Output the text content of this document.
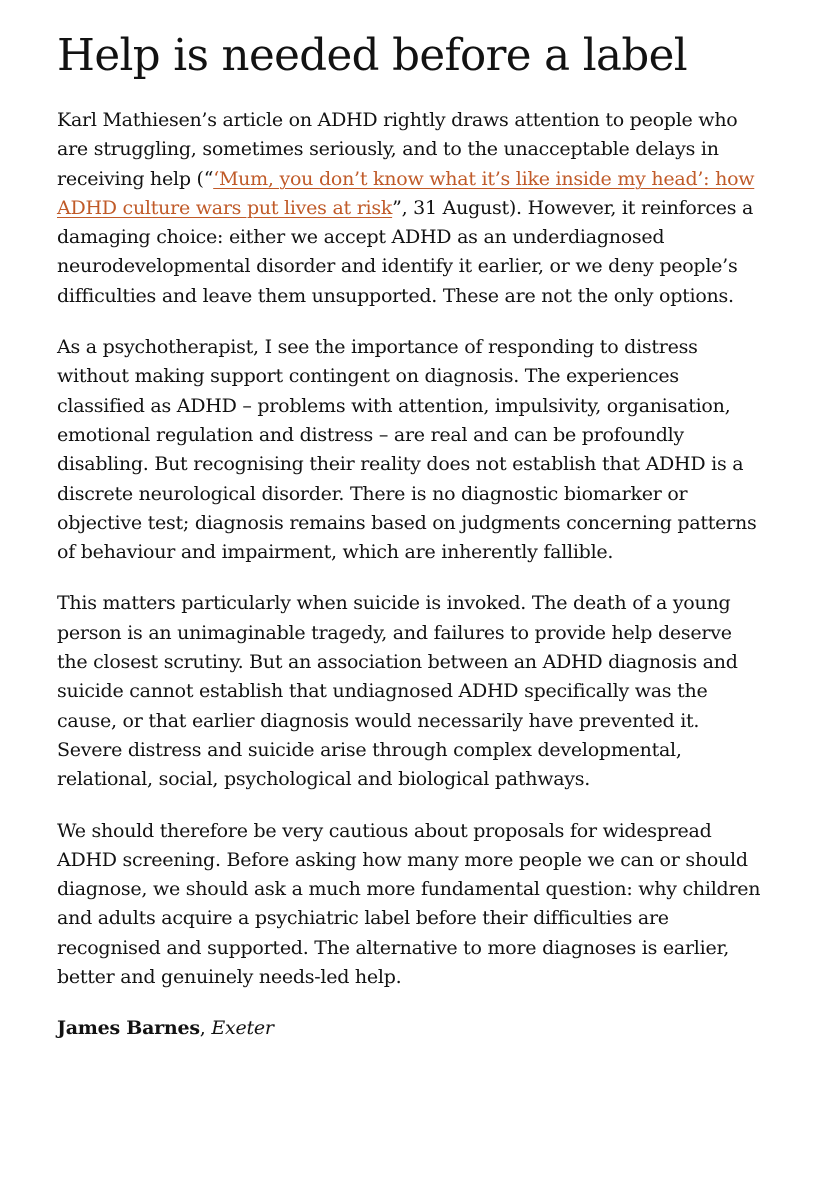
Help is needed before a label

Karl Mathiesen’s article on ADHD rightly draws attention to people who are struggling, sometimes seriously, and to the unacceptable delays in receiving help (“‘Mum, you don’t know what it’s like inside my head’: how ADHD culture wars put lives at risk”, 31 August). However, it reinforces a damaging choice: either we accept ADHD as an underdiagnosed neurodevelopmental disorder and identify it earlier, or we deny people’s difficulties and leave them unsupported. These are not the only options.

As a psychotherapist, I see the importance of responding to distress without making support contingent on diagnosis. The experiences classified as ADHD – problems with attention, impulsivity, organisation, emotional regulation and distress – are real and can be profoundly disabling. But recognising their reality does not establish that ADHD is a discrete neurological disorder. There is no diagnostic biomarker or objective test; diagnosis remains based on judgments concerning patterns of behaviour and impairment, which are inherently fallible.

This matters particularly when suicide is invoked. The death of a young person is an unimaginable tragedy, and failures to provide help deserve the closest scrutiny. But an association between an ADHD diagnosis and suicide cannot establish that undiagnosed ADHD specifically was the cause, or that earlier diagnosis would necessarily have prevented it. Severe distress and suicide arise through complex developmental, relational, social, psychological and biological pathways.

We should therefore be very cautious about proposals for widespread ADHD screening. Before asking how many more people we can or should diagnose, we should ask a much more fundamental question: why children and adults acquire a psychiatric label before their difficulties are recognised and supported. The alternative to more diagnoses is earlier, better and genuinely needs-led help.

James Barnes, Exeter
